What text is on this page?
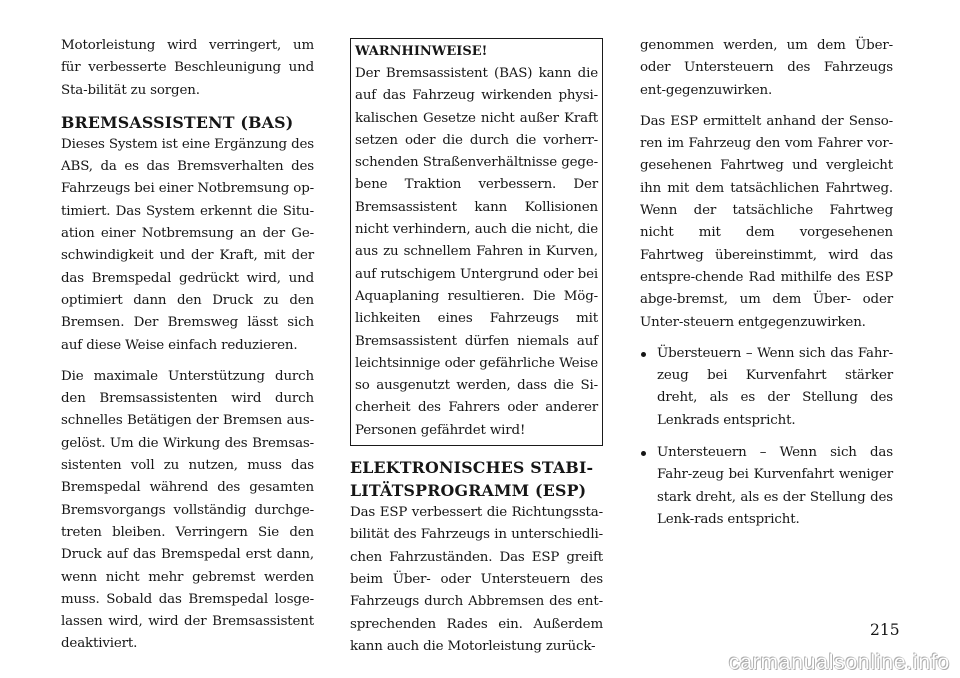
Motorleistung wird verringert, um für verbesserte Beschleunigung und Sta-bilität zu sorgen.

BREMSASSISTENT (BAS)

Dieses System ist eine Ergänzung des ABS, da es das Bremsverhalten des Fahrzeugs bei einer Notbremsung op-timiert. Das System erkennt die Situ-ation einer Notbremsung an der Ge-schwindigkeit und der Kraft, mit der das Bremspedal gedrückt wird, und optimiert dann den Druck zu den Bremsen. Der Bremsweg lässt sich auf diese Weise einfach reduzieren.

Die maximale Unterstützung durch den Bremsassistenten wird durch schnelles Betätigen der Bremsen aus-gelöst. Um die Wirkung des Bremsas-sistenten voll zu nutzen, muss das Bremspedal während des gesamten Bremsvorgangs vollständig durchge-treten bleiben. Verringern Sie den Druck auf das Bremspedal erst dann, wenn nicht mehr gebremst werden muss. Sobald das Bremspedal losge-lassen wird, wird der Bremsassistent deaktiviert.

WARNHINWEISE!

Der Bremsassistent (BAS) kann die auf das Fahrzeug wirkenden physi-kalischen Gesetze nicht außer Kraft setzen oder die durch die vorherr-schenden Straßenverhältnisse gege-bene Traktion verbessern. Der Bremsassistent kann Kollisionen nicht verhindern, auch die nicht, die aus zu schnellem Fahren in Kurven, auf rutschigem Untergrund oder bei Aquaplaning resultieren. Die Mög-lichkeiten eines Fahrzeugs mit Bremsassistent dürfen niemals auf leichtsinnige oder gefährliche Weise so ausgenutzt werden, dass die Si-cherheit des Fahrers oder anderer Personen gefährdet wird!

ELEKTRONISCHES STABI-LITÄTSPROGRAMM (ESP)

Das ESP verbessert die Richtungssta-bilität des Fahrzeugs in unterschiedli-chen Fahrzuständen. Das ESP greift beim Über- oder Untersteuern des Fahrzeugs durch Abbremsen des ent-sprechenden Rades ein. Außerdem kann auch die Motorleistung zurück-

genommen werden, um dem Über-oder Untersteuern des Fahrzeugs ent-gegenzuwirken.

Das ESP ermittelt anhand der Senso-ren im Fahrzeug den vom Fahrer vor-gesehenen Fahrtweg und vergleicht ihn mit dem tatsächlichen Fahrtweg. Wenn der tatsächliche Fahrtweg nicht mit dem vorgesehenen Fahrtweg übereinstimmt, wird das entspre-chende Rad mithilfe des ESP abge-bremst, um dem Über- oder Unter-steuern entgegenzuwirken.

Übersteuern – Wenn sich das Fahr-zeug bei Kurvenfahrt stärker dreht, als es der Stellung des Lenkrads entspricht.
Untersteuern – Wenn sich das Fahr-zeug bei Kurvenfahrt weniger stark dreht, als es der Stellung des Lenk-rads entspricht.
215
carmanualsonline.info
